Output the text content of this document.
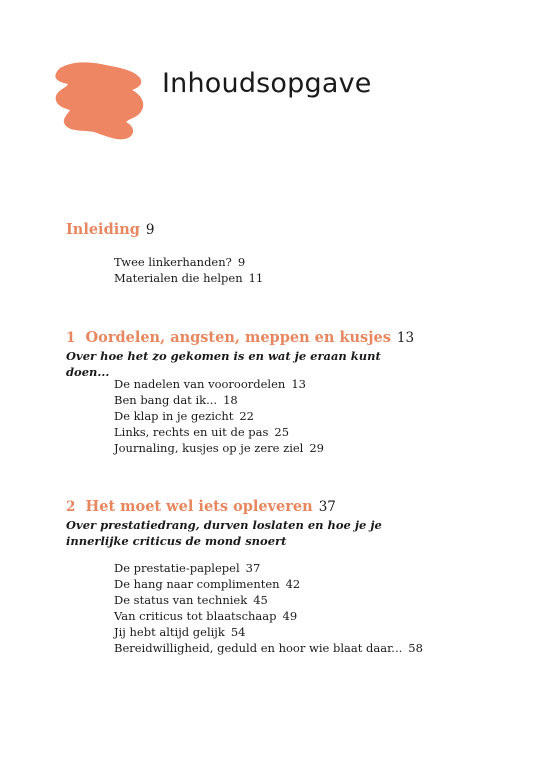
Inhoudsopgave

Inleiding 9

Twee linkerhanden? 9
Materialen die helpen 11

1 Oordelen, angsten, meppen en kusjes 13

Over hoe het zo gekomen is en wat je eraan kunt doen...

De nadelen van vooroordelen 13
Ben bang dat ik... 18
De klap in je gezicht 22
Links, rechts en uit de pas 25
Journaling, kusjes op je zere ziel 29

2 Het moet wel iets opleveren 37

Over prestatiedrang, durven loslaten en hoe je je innerlijke criticus de mond snoert

De prestatie-paplepel 37
De hang naar complimenten 42
De status van techniek 45
Van criticus tot blaatschaap 49
Jij hebt altijd gelijk 54
Bereidwilligheid, geduld en hoor wie blaat daar... 58
